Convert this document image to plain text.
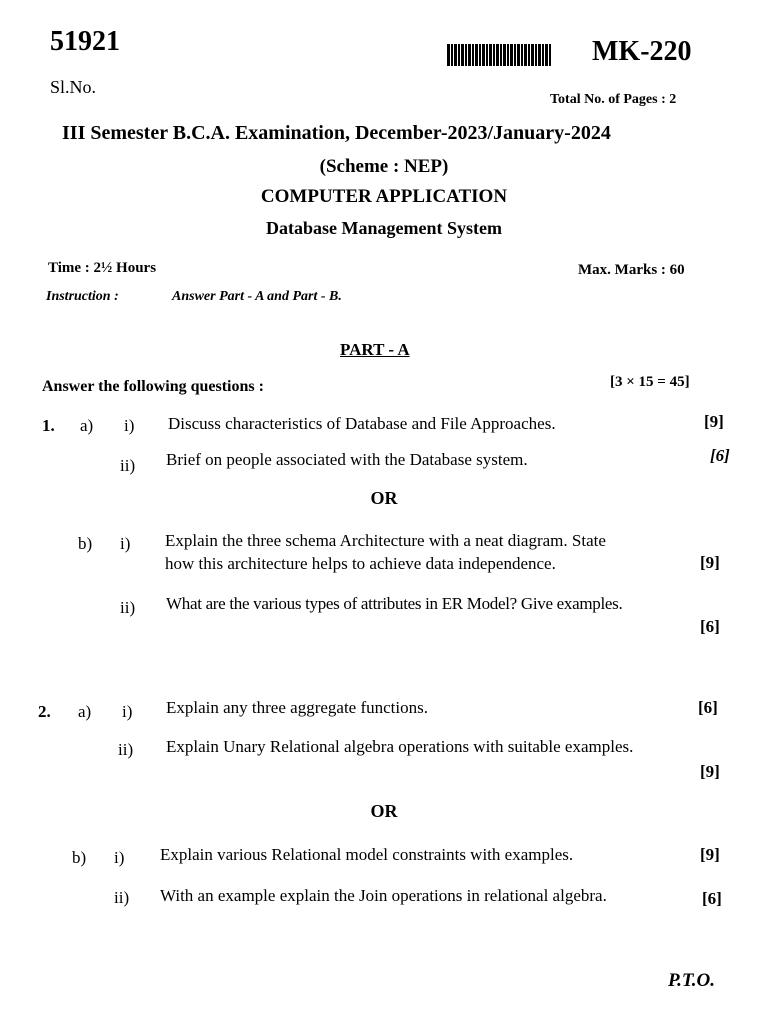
51921	MK-220
Sl.No.
Total No. of Pages : 2
III Semester B.C.A. Examination, December-2023/January-2024
(Scheme : NEP)
COMPUTER APPLICATION
Database Management System
Time : 2½ Hours	Max. Marks : 60
Instruction :	Answer Part - A and Part - B.
PART - A
Answer the following questions :	[3 × 15 = 45]
1. a) i) Discuss characteristics of Database and File Approaches.	[9]
ii) Brief on people associated with the Database system.	[6]
OR
b) i) Explain the three schema Architecture with a neat diagram. State
how this architecture helps to achieve data independence.	[9]
ii) What are the various types of attributes in ER Model? Give examples.
[6]
2. a) i) Explain any three aggregate functions.	[6]
ii) Explain Unary Relational algebra operations with suitable examples.
[9]
OR
b) i) Explain various Relational model constraints with examples.	[9]
ii) With an example explain the Join operations in relational algebra.	[6]
P.T.O.
